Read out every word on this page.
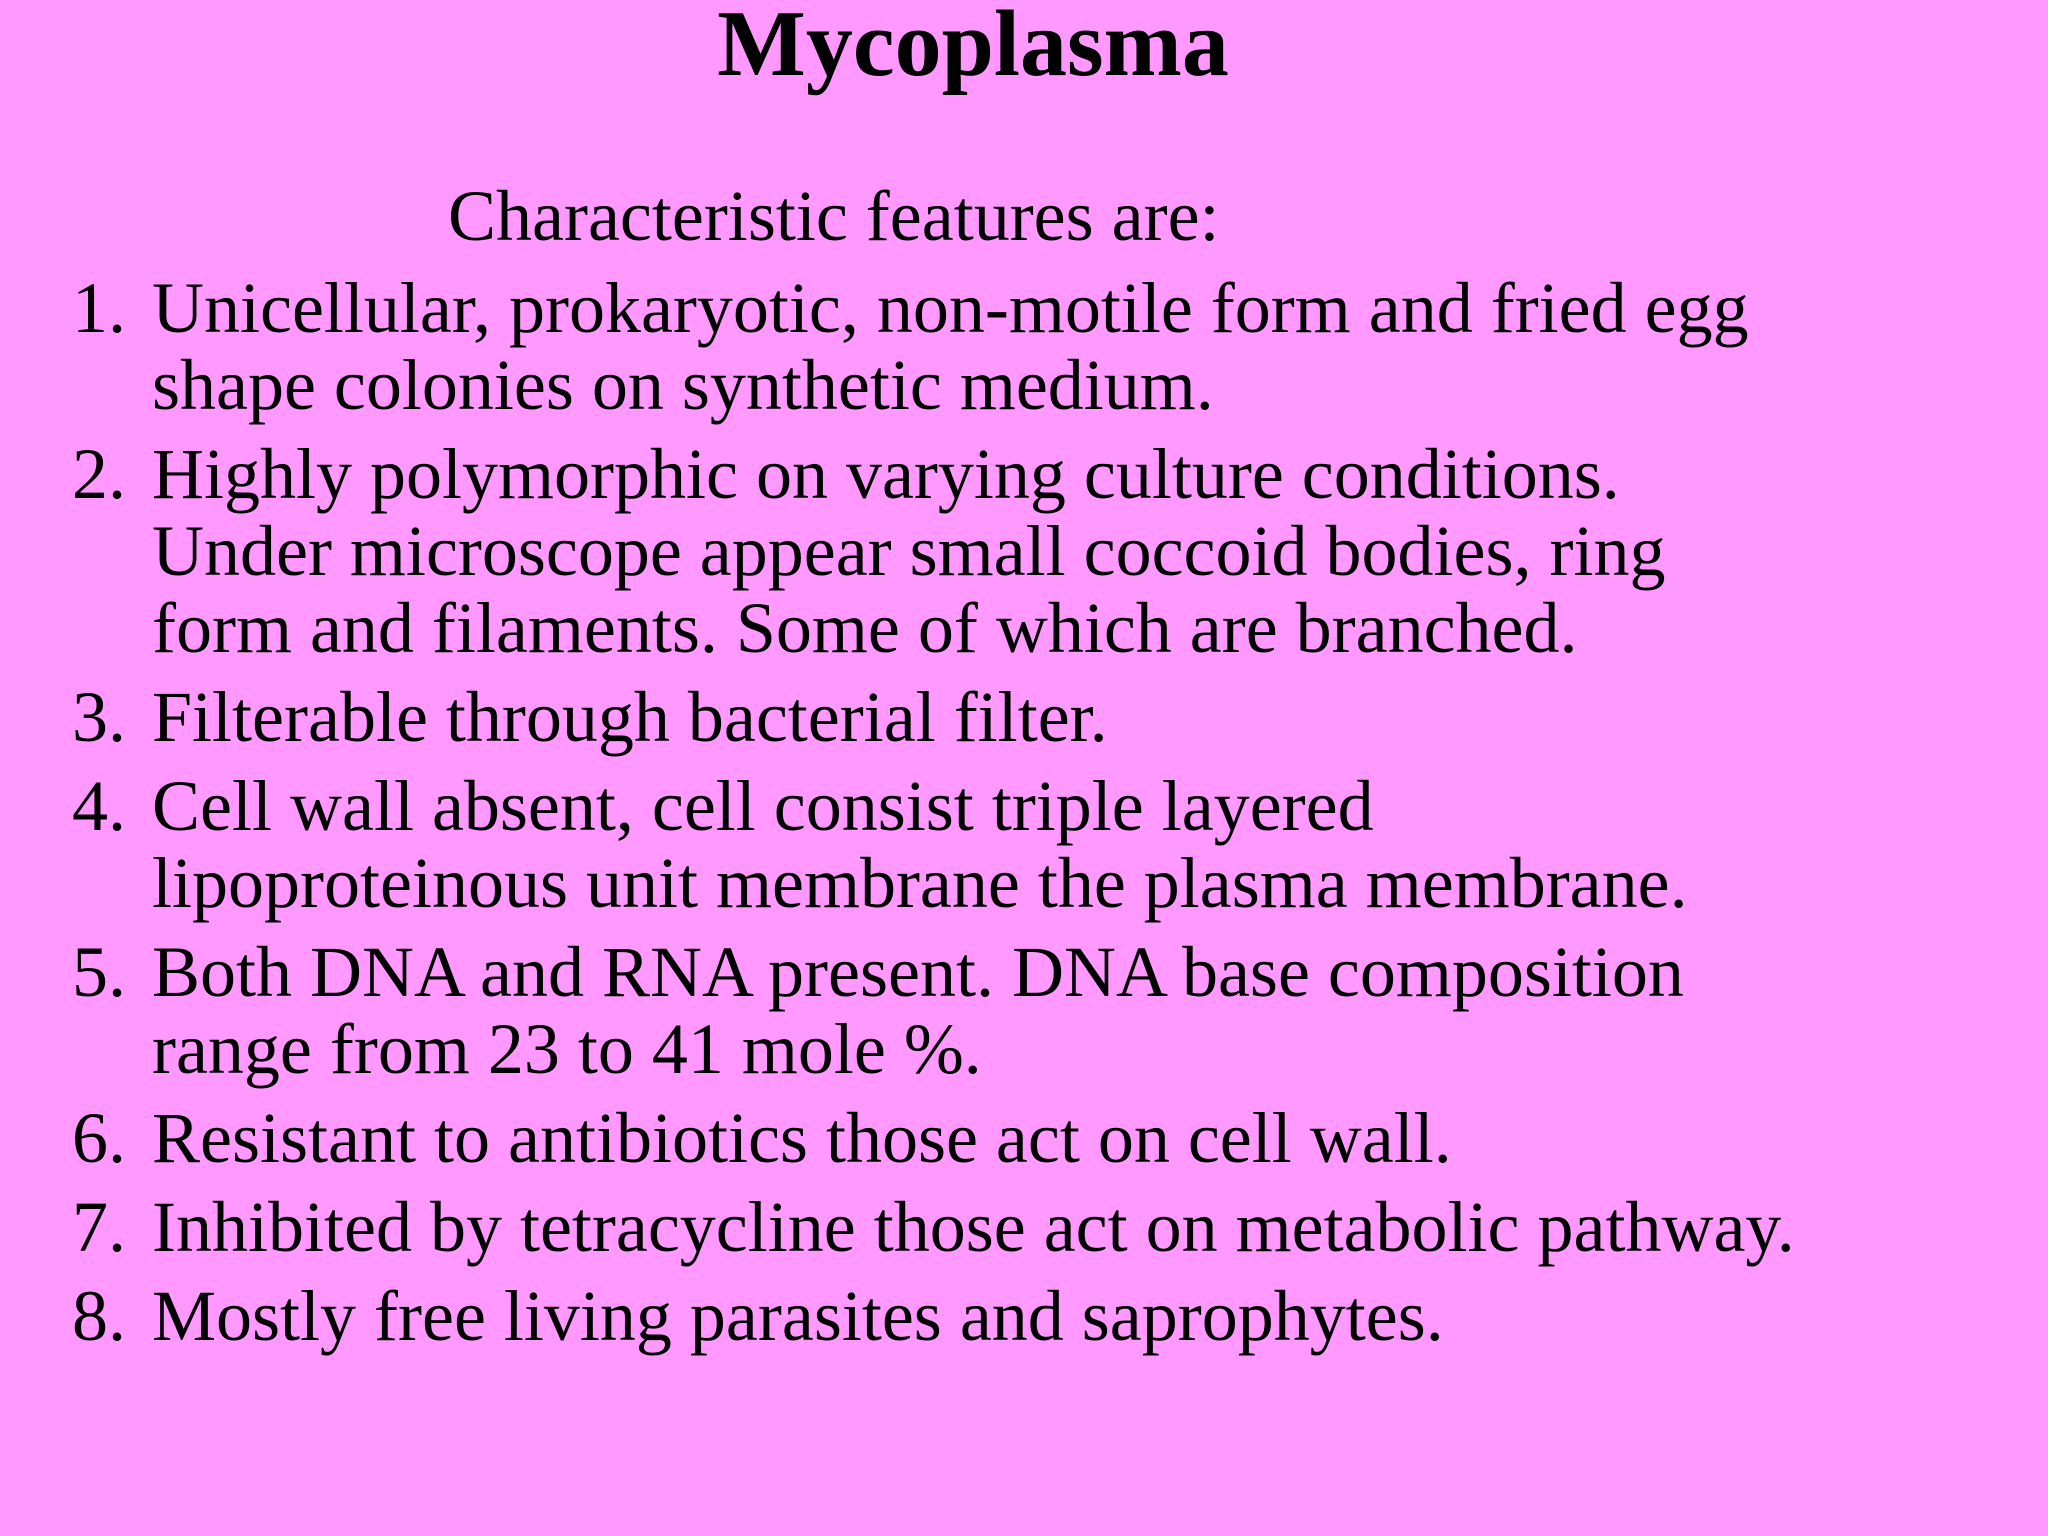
Mycoplasma

Characteristic features are:

1. Unicellular, prokaryotic, non-motile form and fried egg
shape colonies on synthetic medium.
2. Highly polymorphic on varying culture conditions.
Under microscope appear small coccoid bodies, ring
form and filaments. Some of which are branched.
3. Filterable through bacterial filter.
4. Cell wall absent, cell consist triple layered
lipoproteinous unit membrane the plasma membrane.
5. Both DNA and RNA present. DNA base composition
range from 23 to 41 mole %.
6. Resistant to antibiotics those act on cell wall.
7. Inhibited by tetracycline those act on metabolic pathway.
8. Mostly free living parasites and saprophytes.
